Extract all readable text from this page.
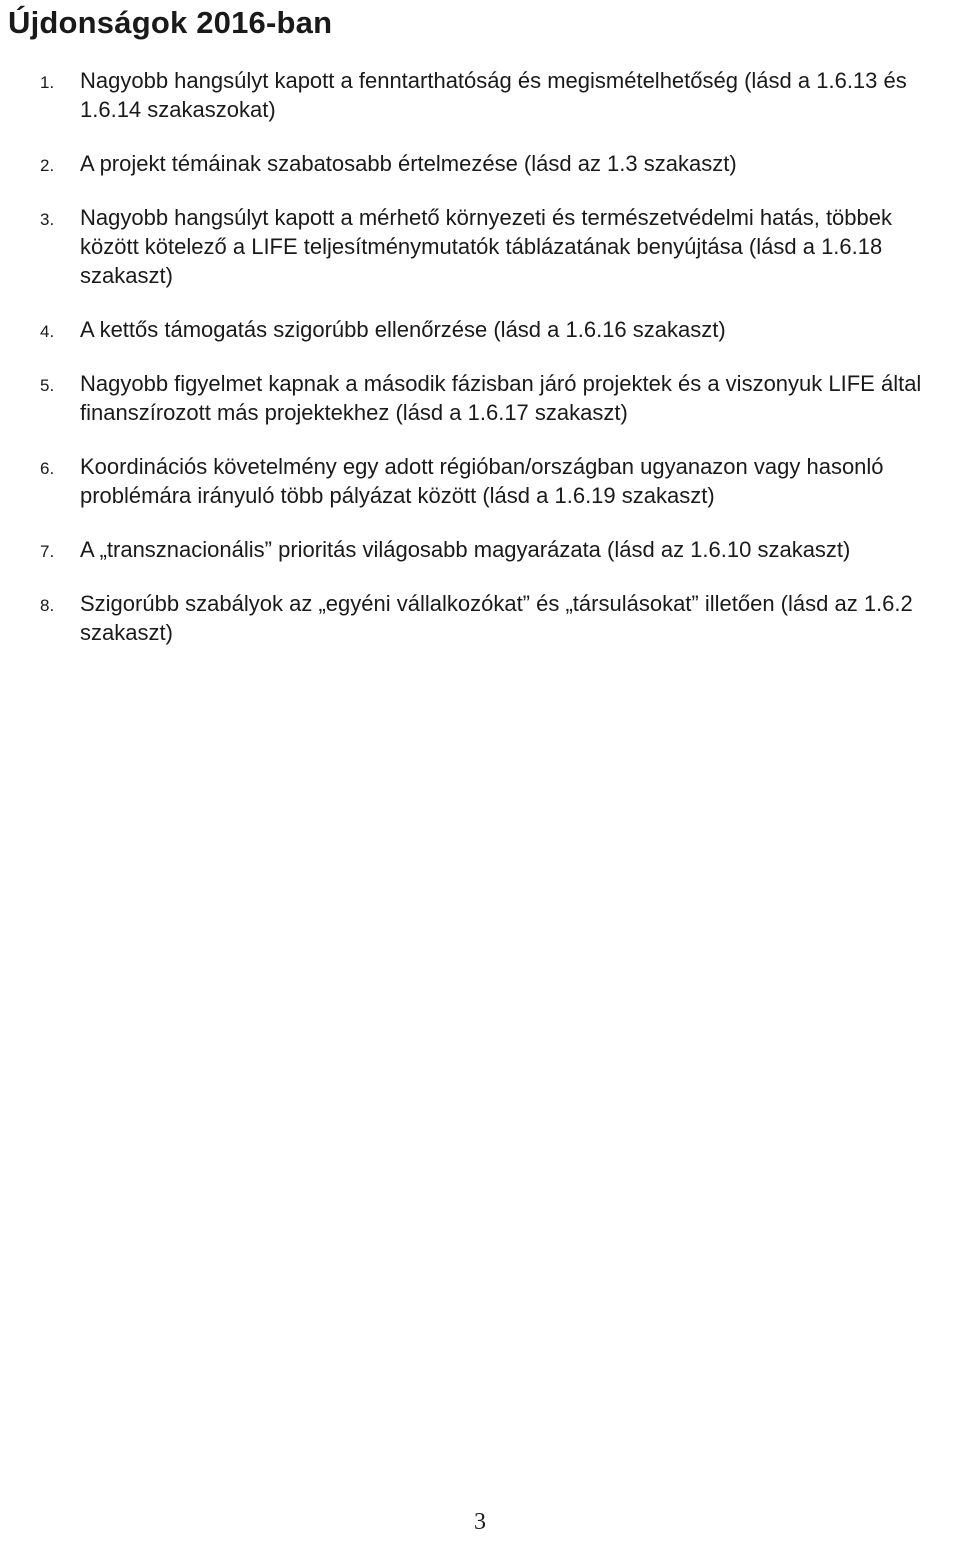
Újdonságok 2016-ban
1. Nagyobb hangsúlyt kapott a fenntarthatóság és megismételhetőség (lásd a 1.6.13 és 1.6.14 szakaszokat)
2. A projekt témáinak szabatosabb értelmezése (lásd az 1.3 szakaszt)
3. Nagyobb hangsúlyt kapott a mérhető környezeti és természetvédelmi hatás, többek között kötelező a LIFE teljesítménymutatók táblázatának benyújtása (lásd a 1.6.18 szakaszt)
4. A kettős támogatás szigorúbb ellenőrzése (lásd a 1.6.16 szakaszt)
5. Nagyobb figyelmet kapnak a második fázisban járó projektek és a viszonyuk LIFE által finanszírozott más projektekhez (lásd a 1.6.17 szakaszt)
6. Koordinációs követelmény egy adott régióban/országban ugyanazon vagy hasonló problémára irányuló több pályázat között (lásd a 1.6.19 szakaszt)
7. A „transznacionális” prioritás világosabb magyarázata (lásd az 1.6.10 szakaszt)
8. Szigorúbb szabályok az „egyéni vállalkozókat” és „társulásokat” illetően (lásd az 1.6.2 szakaszt)
3
